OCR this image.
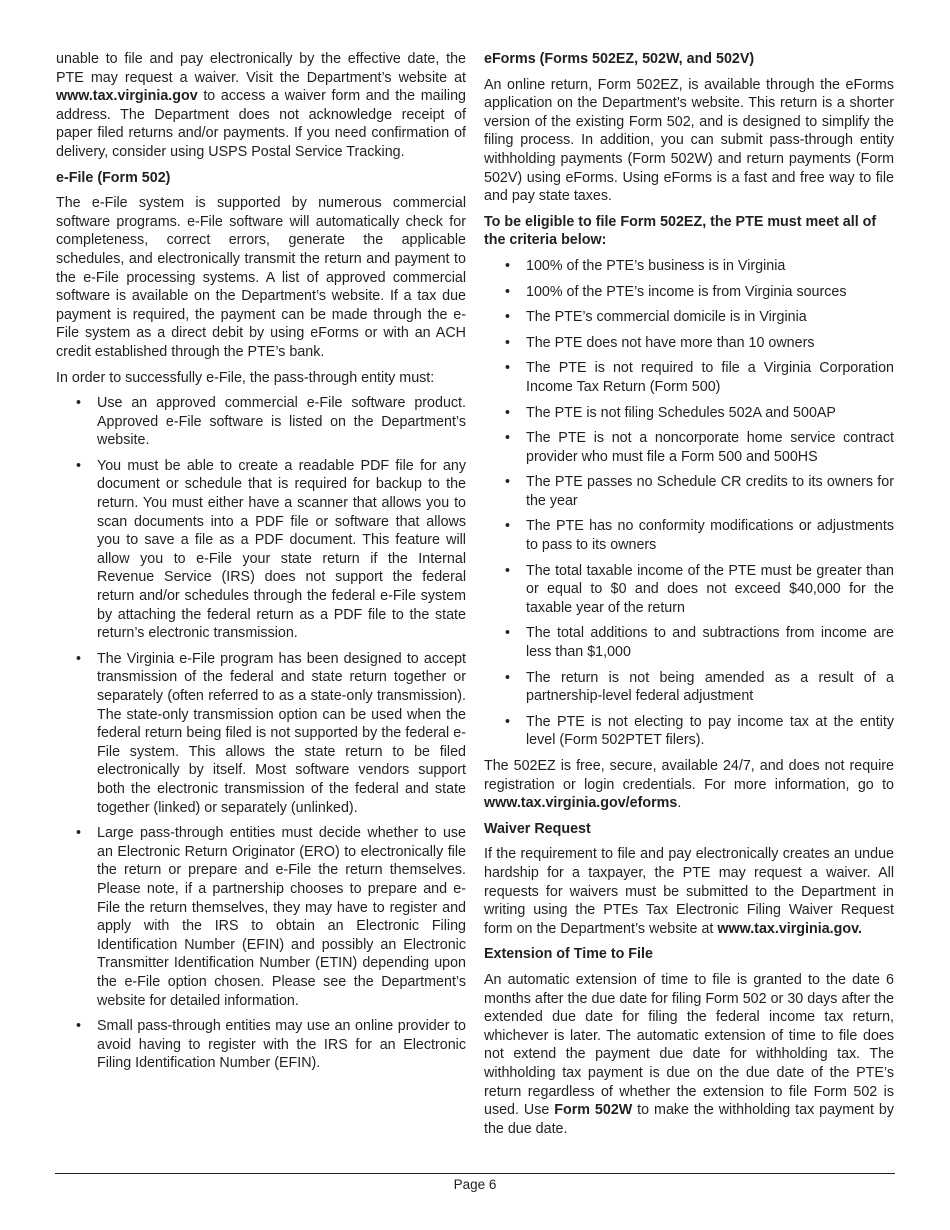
unable to file and pay electronically by the effective date, the PTE may request a waiver. Visit the Department’s website at www.tax.virginia.gov to access a waiver form and the mailing address. The Department does not acknowledge receipt of paper filed returns and/or payments. If you need confirmation of delivery, consider using USPS Postal Service Tracking.

e-File (Form 502)

The e-File system is supported by numerous commercial software programs. e-File software will automatically check for completeness, correct errors, generate the applicable schedules, and electronically transmit the return and payment to the e-File processing systems. A list of approved commercial software is available on the Department’s website. If a tax due payment is required, the payment can be made through the e-File system as a direct debit by using eForms or with an ACH credit established through the PTE’s bank.

In order to successfully e-File, the pass-through entity must:

• Use an approved commercial e-File software product. Approved e-File software is listed on the Department’s website.
• You must be able to create a readable PDF file for any document or schedule that is required for backup to the return. You must either have a scanner that allows you to scan documents into a PDF file or software that allows you to save a file as a PDF document. This feature will allow you to e-File your state return if the Internal Revenue Service (IRS) does not support the federal return and/or schedules through the federal e-File system by attaching the federal return as a PDF file to the state return’s electronic transmission.
• The Virginia e-File program has been designed to accept transmission of the federal and state return together or separately (often referred to as a state-only transmission). The state-only transmission option can be used when the federal return being filed is not supported by the federal e-File system. This allows the state return to be filed electronically by itself. Most software vendors support both the electronic transmission of the federal and state together (linked) or separately (unlinked).
• Large pass-through entities must decide whether to use an Electronic Return Originator (ERO) to electronically file the return or prepare and e-File the return themselves. Please note, if a partnership chooses to prepare and e-File the return themselves, they may have to register and apply with the IRS to obtain an Electronic Filing Identification Number (EFIN) and possibly an Electronic Transmitter Identification Number (ETIN) depending upon the e-File option chosen. Please see the Department’s website for detailed information.
• Small pass-through entities may use an online provider to avoid having to register with the IRS for an Electronic Filing Identification Number (EFIN).
eForms (Forms 502EZ, 502W, and 502V)

An online return, Form 502EZ, is available through the eForms application on the Department’s website. This return is a shorter version of the existing Form 502, and is designed to simplify the filing process. In addition, you can submit pass-through entity withholding payments (Form 502W) and return payments (Form 502V) using eForms. Using eForms is a fast and free way to file and pay state taxes.

To be eligible to file Form 502EZ, the PTE must meet all of the criteria below:

• 100% of the PTE’s business is in Virginia
• 100% of the PTE’s income is from Virginia sources
• The PTE’s commercial domicile is in Virginia
• The PTE does not have more than 10 owners
• The PTE is not required to file a Virginia Corporation Income Tax Return (Form 500)
• The PTE is not filing Schedules 502A and 500AP
• The PTE is not a noncorporate home service contract provider who must file a Form 500 and 500HS
• The PTE passes no Schedule CR credits to its owners for the year
• The PTE has no conformity modifications or adjustments to pass to its owners
• The total taxable income of the PTE must be greater than or equal to $0 and does not exceed $40,000 for the taxable year of the return
• The total additions to and subtractions from income are less than $1,000
• The return is not being amended as a result of a partnership-level federal adjustment
• The PTE is not electing to pay income tax at the entity level (Form 502PTET filers).

The 502EZ is free, secure, available 24/7, and does not require registration or login credentials. For more information, go to www.tax.virginia.gov/eforms.

Waiver Request

If the requirement to file and pay electronically creates an undue hardship for a taxpayer, the PTE may request a waiver. All requests for waivers must be submitted to the Department in writing using the PTEs Tax Electronic Filing Waiver Request form on the Department’s website at www.tax.virginia.gov.

Extension of Time to File

An automatic extension of time to file is granted to the date 6 months after the due date for filing Form 502 or 30 days after the extended due date for filing the federal income tax return, whichever is later. The automatic extension of time to file does not extend the payment due date for withholding tax. The withholding tax payment is due on the due date of the PTE’s return regardless of whether the extension to file Form 502 is used. Use Form 502W to make the withholding tax payment by the due date.

Page 6
